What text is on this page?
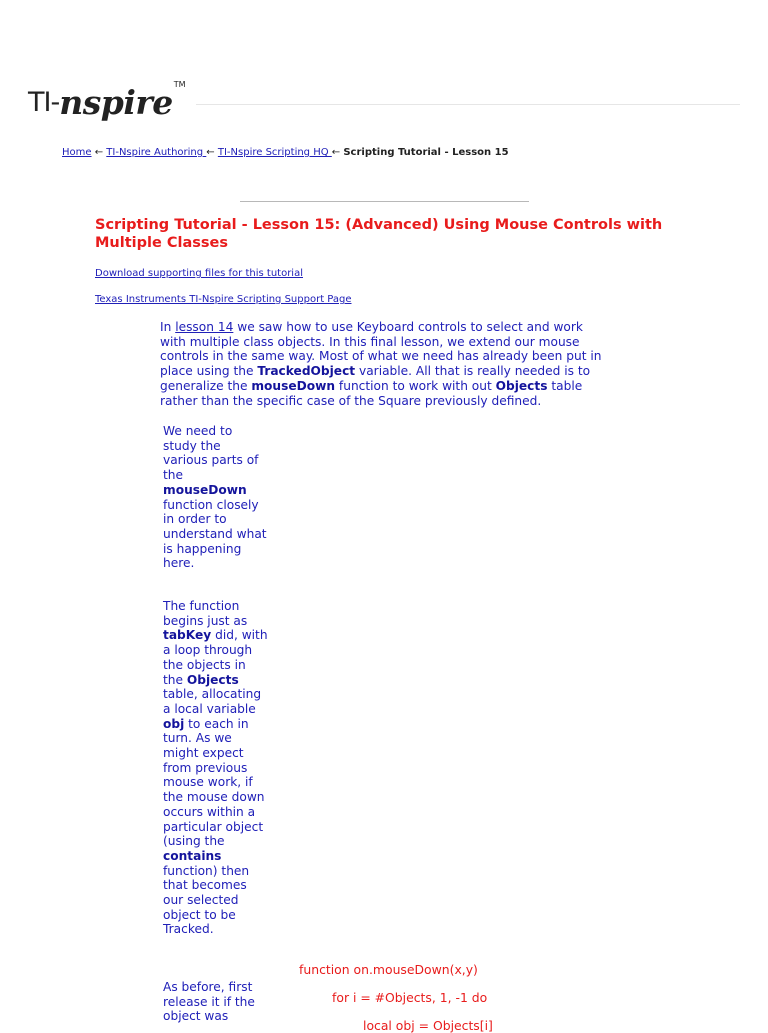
TI- nspire TM
Home ← TI-Nspire Authoring ← TI-Nspire Scripting HQ ← Scripting Tutorial - Lesson 15
Scripting Tutorial - Lesson 15: (Advanced) Using Mouse Controls with Multiple Classes
Download supporting files for this tutorial
Texas Instruments TI-Nspire Scripting Support Page

In lesson 14 we saw how to use Keyboard controls to select and work with multiple class objects. In this final lesson, we extend our mouse controls in the same way. Most of what we need has already been put in place using the TrackedObject variable. All that is really needed is to generalize the mouseDown function to work with out Objects table rather than the specific case of the Square previously defined.

We need to study the various parts of the mouseDown function closely in order to understand what is happening here.

The function begins just as tabKey did, with a loop through the objects in the Objects table, allocating a local variable obj to each in turn. As we might expect from previous mouse work, if the mouse down occurs within a particular object (using the contains function) then that becomes our selected object to be Tracked.

As before, first release it if the object was

function on.mouseDown(x,y)
for i = #Objects, 1, -1 do
local obj = Objects[i]
